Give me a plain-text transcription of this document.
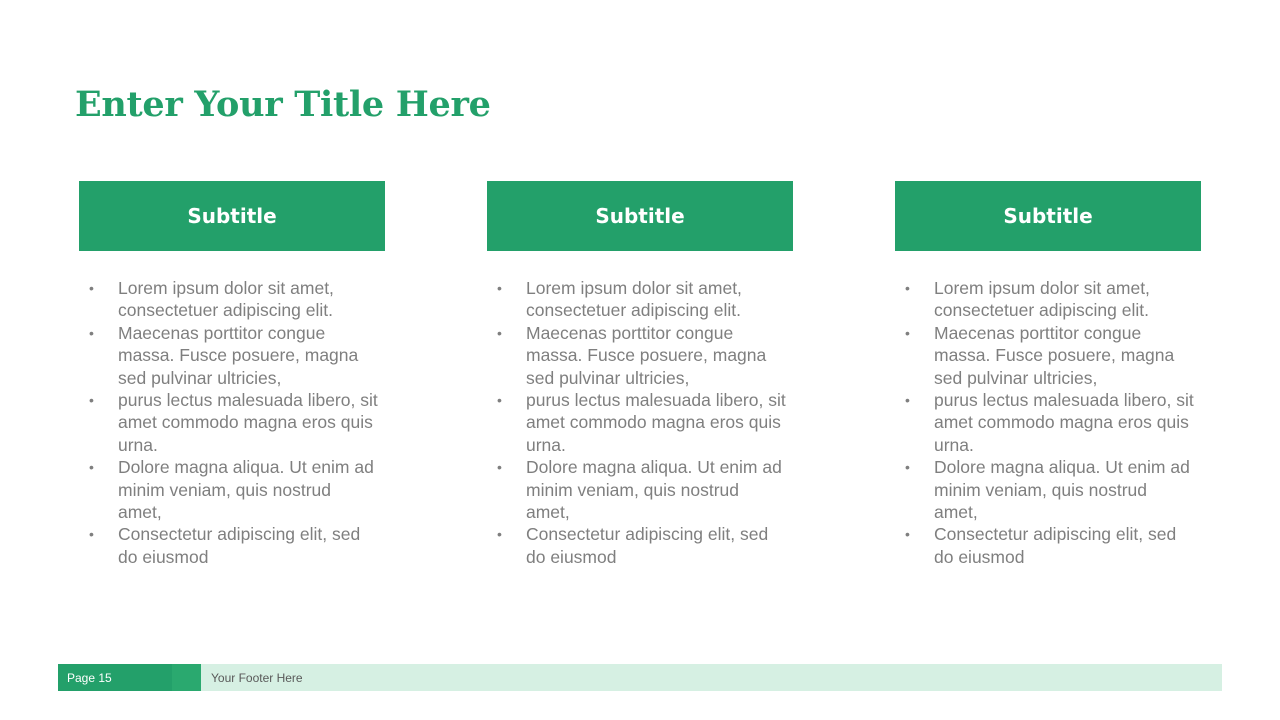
Enter Your Title Here
Subtitle
• Lorem ipsum dolor sit amet, consectetuer adipiscing elit.
• Maecenas porttitor congue massa. Fusce posuere, magna sed pulvinar ultricies,
• purus lectus malesuada libero, sit amet commodo magna eros quis urna.
• Dolore magna aliqua. Ut enim ad minim veniam, quis nostrud amet,
• Consectetur adipiscing elit, sed do eiusmod
Subtitle
• Lorem ipsum dolor sit amet, consectetuer adipiscing elit.
• Maecenas porttitor congue massa. Fusce posuere, magna sed pulvinar ultricies,
• purus lectus malesuada libero, sit amet commodo magna eros quis urna.
• Dolore magna aliqua. Ut enim ad minim veniam, quis nostrud amet,
• Consectetur adipiscing elit, sed do eiusmod
Subtitle
• Lorem ipsum dolor sit amet, consectetuer adipiscing elit.
• Maecenas porttitor congue massa. Fusce posuere, magna sed pulvinar ultricies,
• purus lectus malesuada libero, sit amet commodo magna eros quis urna.
• Dolore magna aliqua. Ut enim ad minim veniam, quis nostrud amet,
• Consectetur adipiscing elit, sed do eiusmod
Page 15	Your Footer Here
